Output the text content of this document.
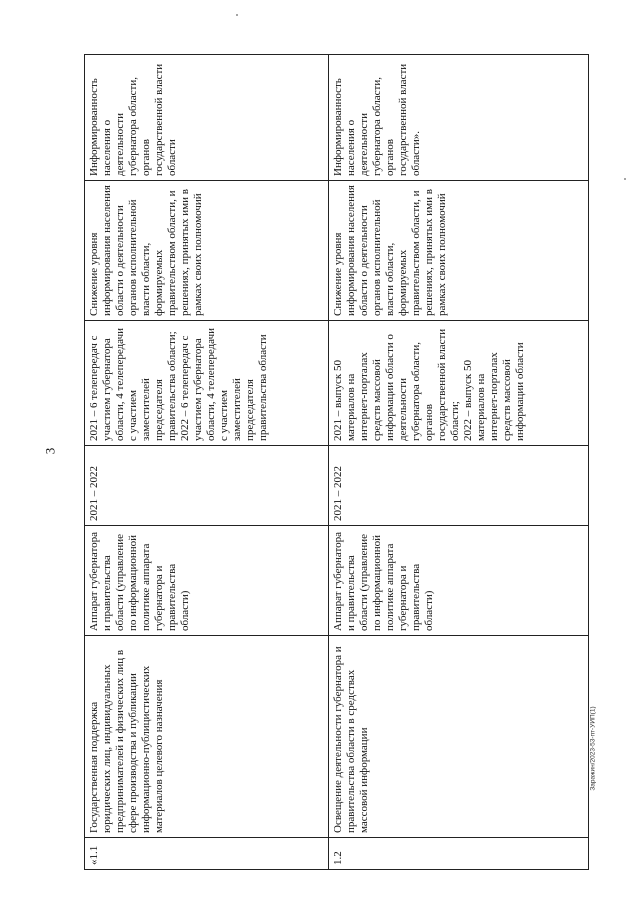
3
Заражин/2023-53-пт-УИП(1)
«1.1	Государственная поддержка юридических лиц, индивидуальных предпринимателей и физических лиц в сфере производства и публикации информационно-публицистических материалов целевого назначения	Аппарат губернатора и правительства области (управление по информационной политике аппарата губернатора и правительства области)	2021 – 2022	2021 – 6 телепередач с участием губернатора области, 4 телепередачи с участием заместителей председателя правительства области;
2022 – 6 телепередач с участием губернатора области, 4 телепередачи с участием заместителей председателя правительства области	Снижение уровня информирования населения области о деятельности органов исполнительной власти области, формируемых правительством области, и решениях, принятых ими в рамках своих полномочий	Информированность населения о деятельности губернатора области, органов государственной власти области
1.2	Освещение деятельности губернатора и правительства области в средствах массовой информации	Аппарат губернатора и правительства области (управление по информационной политике аппарата губернатора и правительства области)	2021 – 2022	2021 – выпуск 50 материалов на интернет-порталах средств массовой информации области о деятельности губернатора области, органов государственной власти области;
2022 – выпуск 50 материалов на интернет-порталах средств массовой информации области	Снижение уровня информирования населения области о деятельности органов исполнительной власти области, формируемых правительством области, и решениях, принятых ими в рамках своих полномочий	Информированность населения о деятельности губернатора области, органов государственной власти области».
